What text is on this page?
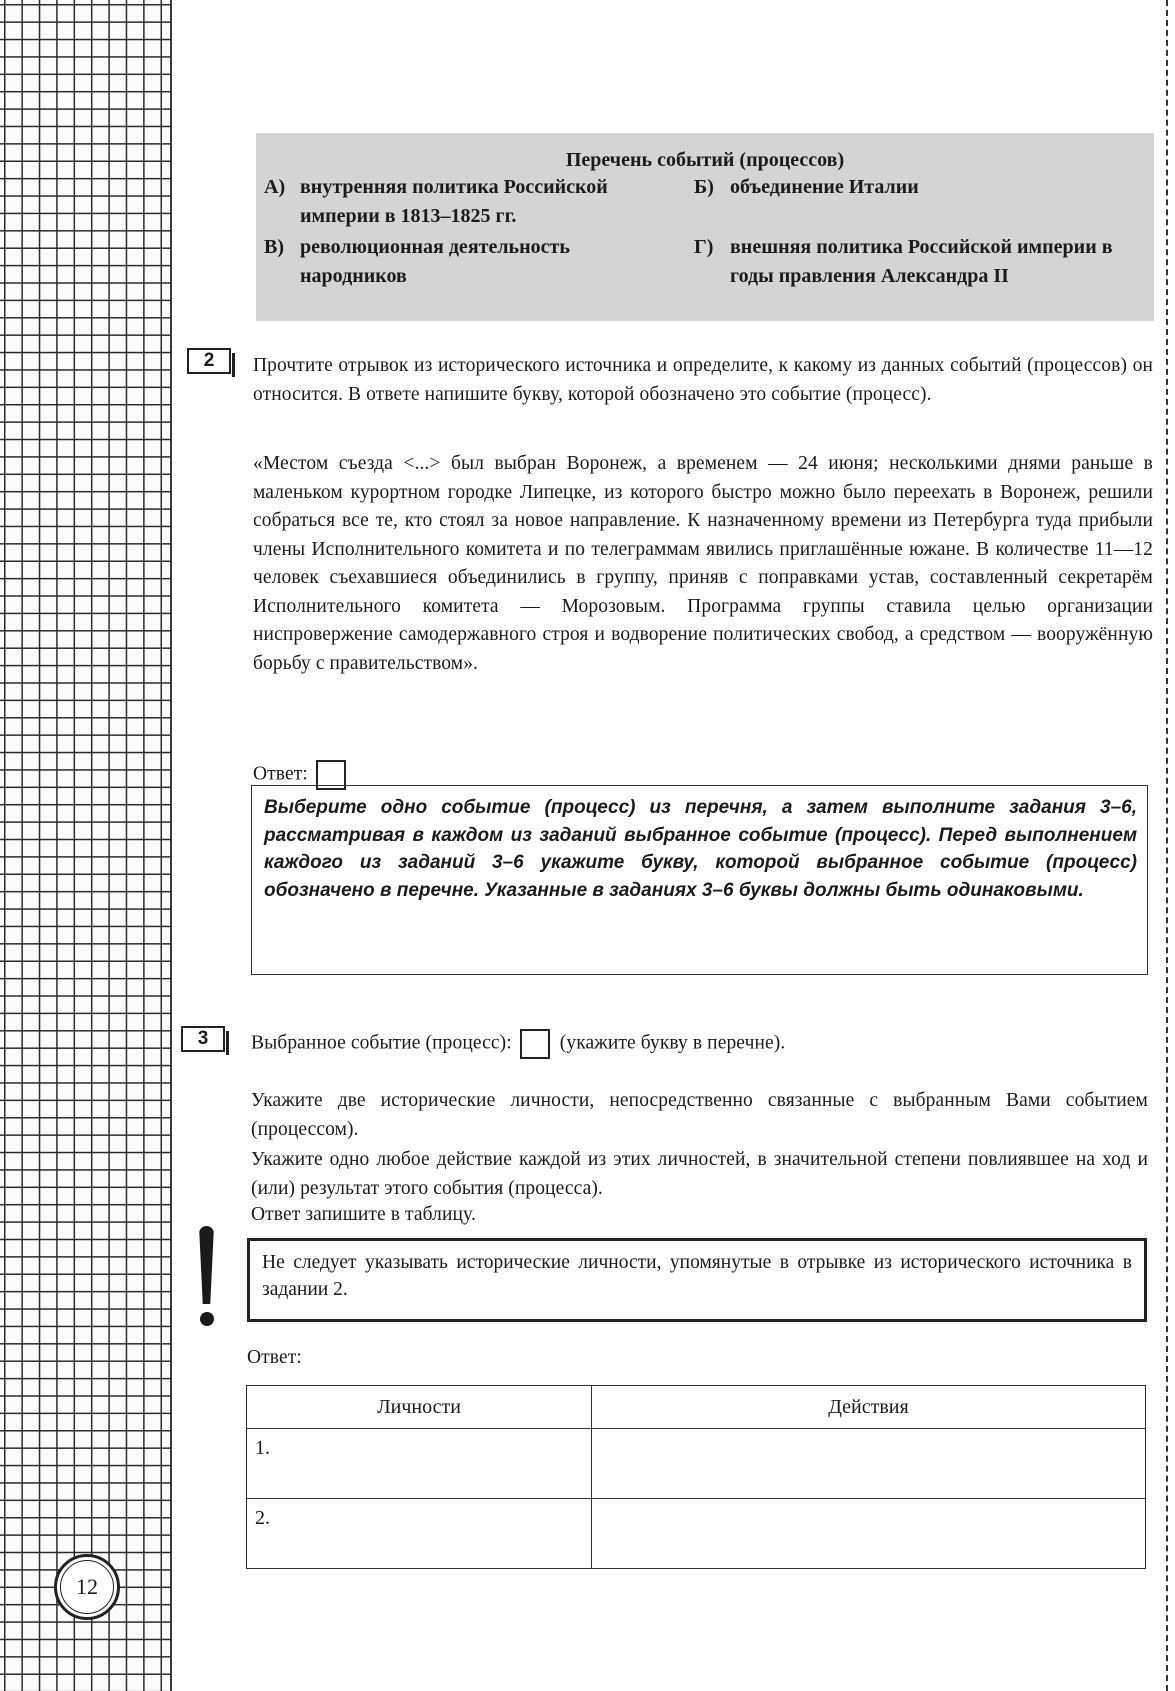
Перечень событий (процессов)
А) внутренняя политика Российской империи в 1813–1825 гг.
Б) объединение Италии
В) революционная деятельность народников
Г) внешняя политика Российской империи в годы правления Александра II
2	Прочтите отрывок из исторического источника и определите, к какому из данных событий (процессов) он относится. В ответе напишите букву, которой обозначено это событие (процесс).
«Местом съезда <...> был выбран Воронеж, а временем — 24 июня; несколькими днями раньше в маленьком курортном городке Липецке, из которого быстро можно было переехать в Воронеж, решили собраться все те, кто стоял за новое направление. К назначенному времени из Петербурга туда прибыли члены Исполнительного комитета и по телеграммам явились приглашённые южане. В количестве 11—12 человек съехавшиеся объединились в группу, приняв с поправками устав, составленный секретарём Исполнительного комитета — Морозовым. Программа группы ставила целью организации ниспровержение самодержавного строя и водворение политических свобод, а средством — вооружённую борьбу с правительством».
Ответ:
Выберите одно событие (процесс) из перечня, а затем выполните задания 3–6, рассматривая в каждом из заданий выбранное событие (процесс). Перед выполнением каждого из заданий 3–6 укажите букву, которой выбранное событие (процесс) обозначено в перечне. Указанные в заданиях 3–6 буквы должны быть одинаковыми.
3	Выбранное событие (процесс): (укажите букву в перечне).
Укажите две исторические личности, непосредственно связанные с выбранным Вами событием (процессом).
Укажите одно любое действие каждой из этих личностей, в значительной степени повлиявшее на ход и (или) результат этого события (процесса).
Ответ запишите в таблицу.
Не следует указывать исторические личности, упомянутые в отрывке из исторического источника в задании 2.
Ответ:
Личности	Действия
1.	
2.	
12
